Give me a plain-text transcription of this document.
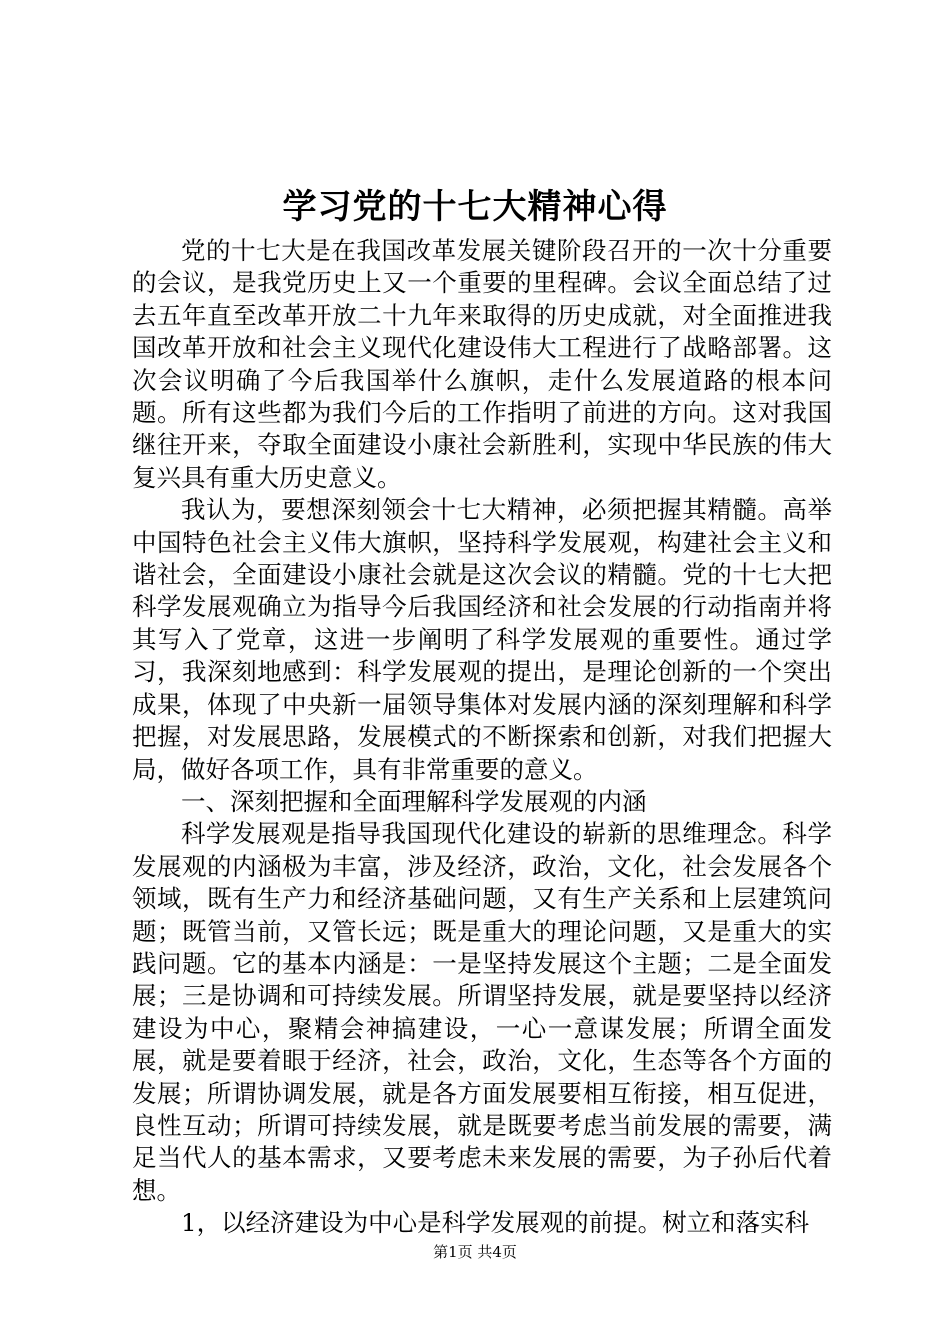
学习党的十七大精神心得

党的十七大是在我国改革发展关键阶段召开的一次十分重要的会议，是我党历史上又一个重要的里程碑。会议全面总结了过去五年直至改革开放二十九年来取得的历史成就，对全面推进我国改革开放和社会主义现代化建设伟大工程进行了战略部署。这次会议明确了今后我国举什么旗帜，走什么发展道路的根本问题。所有这些都为我们今后的工作指明了前进的方向。这对我国继往开来，夺取全面建设小康社会新胜利，实现中华民族的伟大复兴具有重大历史意义。

我认为，要想深刻领会十七大精神，必须把握其精髓。高举中国特色社会主义伟大旗帜，坚持科学发展观，构建社会主义和谐社会，全面建设小康社会就是这次会议的精髓。党的十七大把科学发展观确立为指导今后我国经济和社会发展的行动指南并将其写入了党章，这进一步阐明了科学发展观的重要性。通过学习，我深刻地感到：科学发展观的提出，是理论创新的一个突出成果，体现了中央新一届领导集体对发展内涵的深刻理解和科学把握，对发展思路，发展模式的不断探索和创新，对我们把握大局，做好各项工作，具有非常重要的意义。

一、深刻把握和全面理解科学发展观的内涵

科学发展观是指导我国现代化建设的崭新的思维理念。科学发展观的内涵极为丰富，涉及经济，政治，文化，社会发展各个领域，既有生产力和经济基础问题，又有生产关系和上层建筑问题；既管当前，又管长远；既是重大的理论问题，又是重大的实践问题。它的基本内涵是：一是坚持发展这个主题；二是全面发展；三是协调和可持续发展。所谓坚持发展，就是要坚持以经济建设为中心，聚精会神搞建设，一心一意谋发展；所谓全面发展，就是要着眼于经济，社会，政治，文化，生态等各个方面的发展；所谓协调发展，就是各方面发展要相互衔接，相互促进，良性互动；所谓可持续发展，就是既要考虑当前发展的需要，满足当代人的基本需求，又要考虑未来发展的需要，为子孙后代着想。

1，以经济建设为中心是科学发展观的前提。树立和落实科

第1页 共4页
